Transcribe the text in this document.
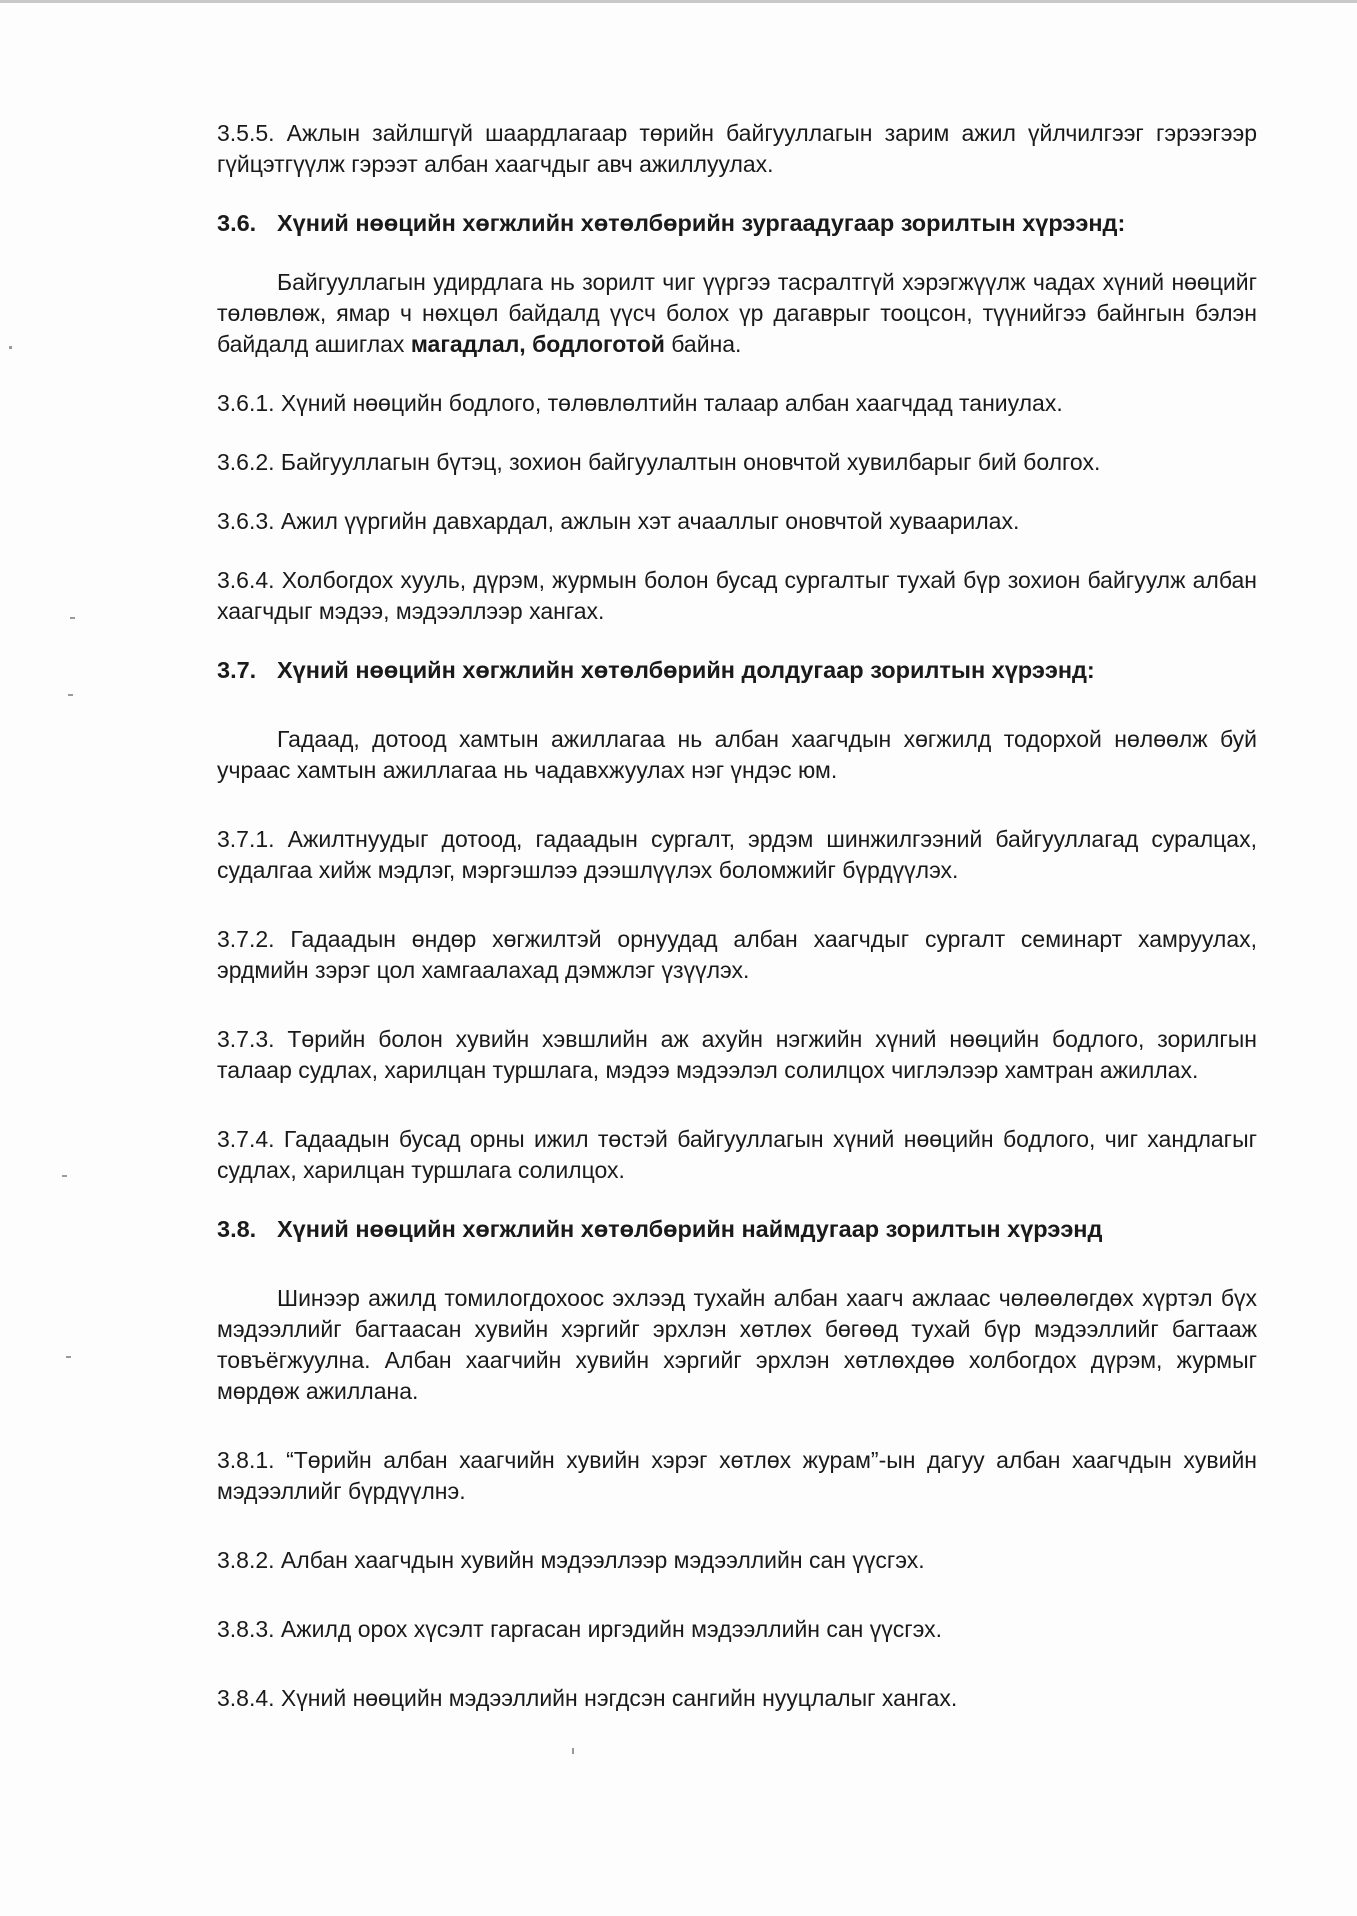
3.5.5. Ажлын зайлшгүй шаардлагаар төрийн байгууллагын зарим ажил үйлчилгээг гэрээгээр гүйцэтгүүлж гэрээт албан хаагчдыг авч ажиллуулах.

3.6. Хүний нөөцийн хөгжлийн хөтөлбөрийн зургаадугаар зорилтын хүрээнд:

Байгууллагын удирдлага нь зорилт чиг үүргээ тасралтгүй хэрэгжүүлж чадах хүний нөөцийг төлөвлөж, ямар ч нөхцөл байдалд үүсч болох үр дагаврыг тооцсон, түүнийгээ байнгын бэлэн байдалд ашиглах магадлал, бодлоготой байна.

3.6.1. Хүний нөөцийн бодлого, төлөвлөлтийн талаар албан хаагчдад таниулах.

3.6.2. Байгууллагын бүтэц, зохион байгуулалтын оновчтой хувилбарыг бий болгох.

3.6.3. Ажил үүргийн давхардал, ажлын хэт ачааллыг оновчтой хуваарилах.

3.6.4. Холбогдох хууль, дүрэм, журмын болон бусад сургалтыг тухай бүр зохион байгуулж албан хаагчдыг мэдээ, мэдээллээр хангах.

3.7. Хүний нөөцийн хөгжлийн хөтөлбөрийн долдугаар зорилтын хүрээнд:

Гадаад, дотоод хамтын ажиллагаа нь албан хаагчдын хөгжилд тодорхой нөлөөлж буй учраас хамтын ажиллагаа нь чадавхжуулах нэг үндэс юм.

3.7.1. Ажилтнуудыг дотоод, гадаадын сургалт, эрдэм шинжилгээний байгууллагад суралцах, судалгаа хийж мэдлэг, мэргэшлээ дээшлүүлэх боломжийг бүрдүүлэх.

3.7.2. Гадаадын өндөр хөгжилтэй орнуудад албан хаагчдыг сургалт семинарт хамруулах, эрдмийн зэрэг цол хамгаалахад дэмжлэг үзүүлэх.

3.7.3. Төрийн болон хувийн хэвшлийн аж ахуйн нэгжийн хүний нөөцийн бодлого, зорилгын талаар судлах, харилцан туршлага, мэдээ мэдээлэл солилцох чиглэлээр хамтран ажиллах.

3.7.4. Гадаадын бусад орны ижил төстэй байгууллагын хүний нөөцийн бодлого, чиг хандлагыг судлах, харилцан туршлага солилцох.

3.8. Хүний нөөцийн хөгжлийн хөтөлбөрийн наймдугаар зорилтын хүрээнд

Шинээр ажилд томилогдохоос эхлээд тухайн албан хаагч ажлаас чөлөөлөгдөх хүртэл бүх мэдээллийг багтаасан хувийн хэргийг эрхлэн хөтлөх бөгөөд тухай бүр мэдээллийг багтааж товъёгжуулна. Албан хаагчийн хувийн хэргийг эрхлэн хөтлөхдөө холбогдох дүрэм, журмыг мөрдөж ажиллана.

3.8.1. “Төрийн албан хаагчийн хувийн хэрэг хөтлөх журам”-ын дагуу албан хаагчдын хувийн мэдээллийг бүрдүүлнэ.

3.8.2. Албан хаагчдын хувийн мэдээллээр мэдээллийн сан үүсгэх.

3.8.3. Ажилд орох хүсэлт гаргасан иргэдийн мэдээллийн сан үүсгэх.

3.8.4. Хүний нөөцийн мэдээллийн нэгдсэн сангийн нууцлалыг хангах.
